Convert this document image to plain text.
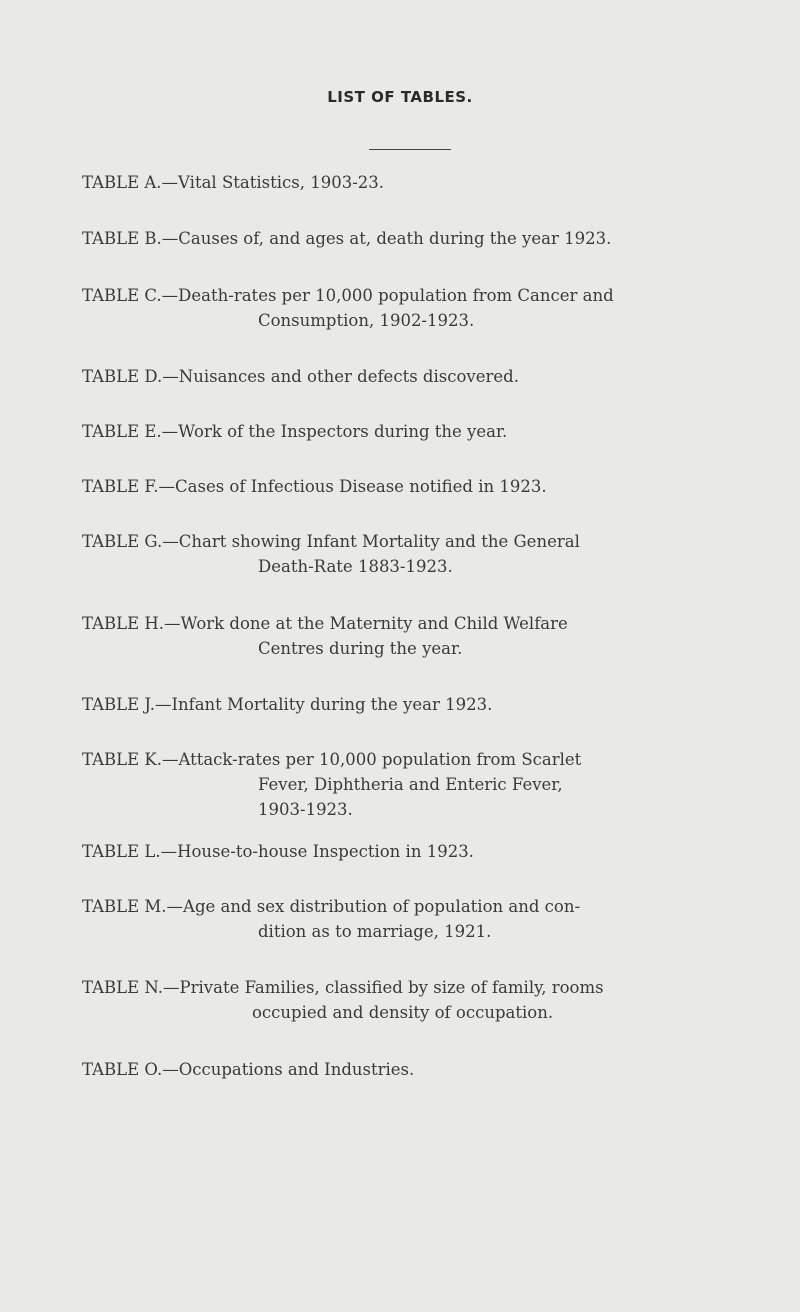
LIST OF TABLES.
TABLE A.—Vital Statistics, 1903-23.
TABLE B.—Causes of, and ages at, death during the year 1923.
TABLE C.—Death-rates per 10,000 population from Cancer and
Consumption, 1902-1923.
TABLE D.—Nuisances and other defects discovered.
TABLE E.—Work of the Inspectors during the year.
TABLE F.—Cases of Infectious Disease notified in 1923.
TABLE G.—Chart showing Infant Mortality and the General
Death-Rate 1883-1923.
TABLE H.—Work done at the Maternity and Child Welfare
Centres during the year.
TABLE J.—Infant Mortality during the year 1923.
TABLE K.—Attack-rates per 10,000 population from Scarlet
Fever, Diphtheria and Enteric Fever,
1903-1923.
TABLE L.—House-to-house Inspection in 1923.
TABLE M.—Age and sex distribution of population and con-
dition as to marriage, 1921.
TABLE N.—Private Families, classified by size of family, rooms
occupied and density of occupation.
TABLE O.—Occupations and Industries.
